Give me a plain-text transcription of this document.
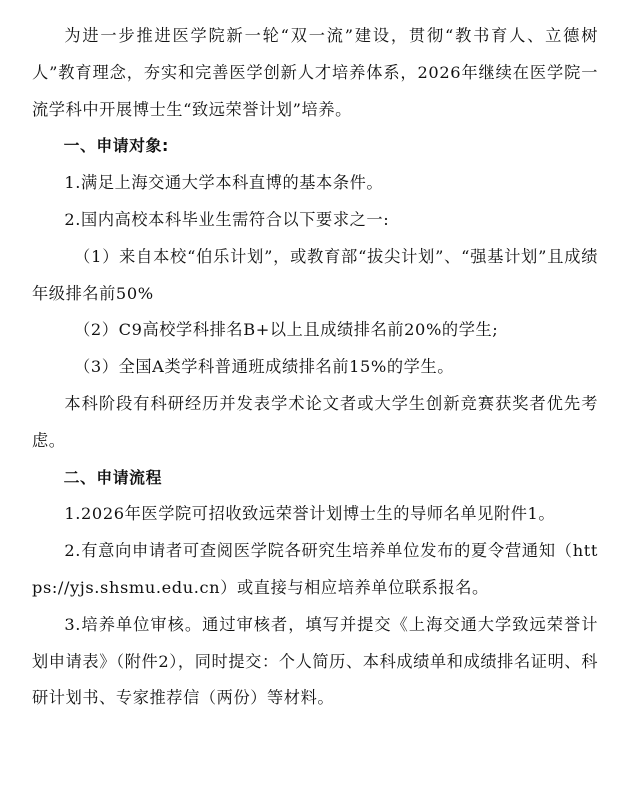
为进一步推进医学院新一轮“双一流”建设，贯彻“教书育人、立德树人”教育理念，夯实和完善医学创新人才培养体系，2026年继续在医学院一流学科中开展博士生“致远荣誉计划”培养。

一、申请对象:

1.满足上海交通大学本科直博的基本条件。

2.国内高校本科毕业生需符合以下要求之一:

（1）来自本校“伯乐计划”，或教育部“拔尖计划”、“强基计划”且成绩年级排名前50%

（2）C9高校学科排名B+以上且成绩排名前20%的学生;

（3）全国A类学科普通班成绩排名前15%的学生。

本科阶段有科研经历并发表学术论文者或大学生创新竞赛获奖者优先考虑。

二、申请流程

1.2026年医学院可招收致远荣誉计划博士生的导师名单见附件1。

2.有意向申请者可查阅医学院各研究生培养单位发布的夏令营通知（https://yjs.shsmu.edu.cn）或直接与相应培养单位联系报名。

3.培养单位审核。通过审核者，填写并提交《上海交通大学致远荣誉计划申请表》（附件2），同时提交：个人简历、本科成绩单和成绩排名证明、科研计划书、专家推荐信（两份）等材料。
